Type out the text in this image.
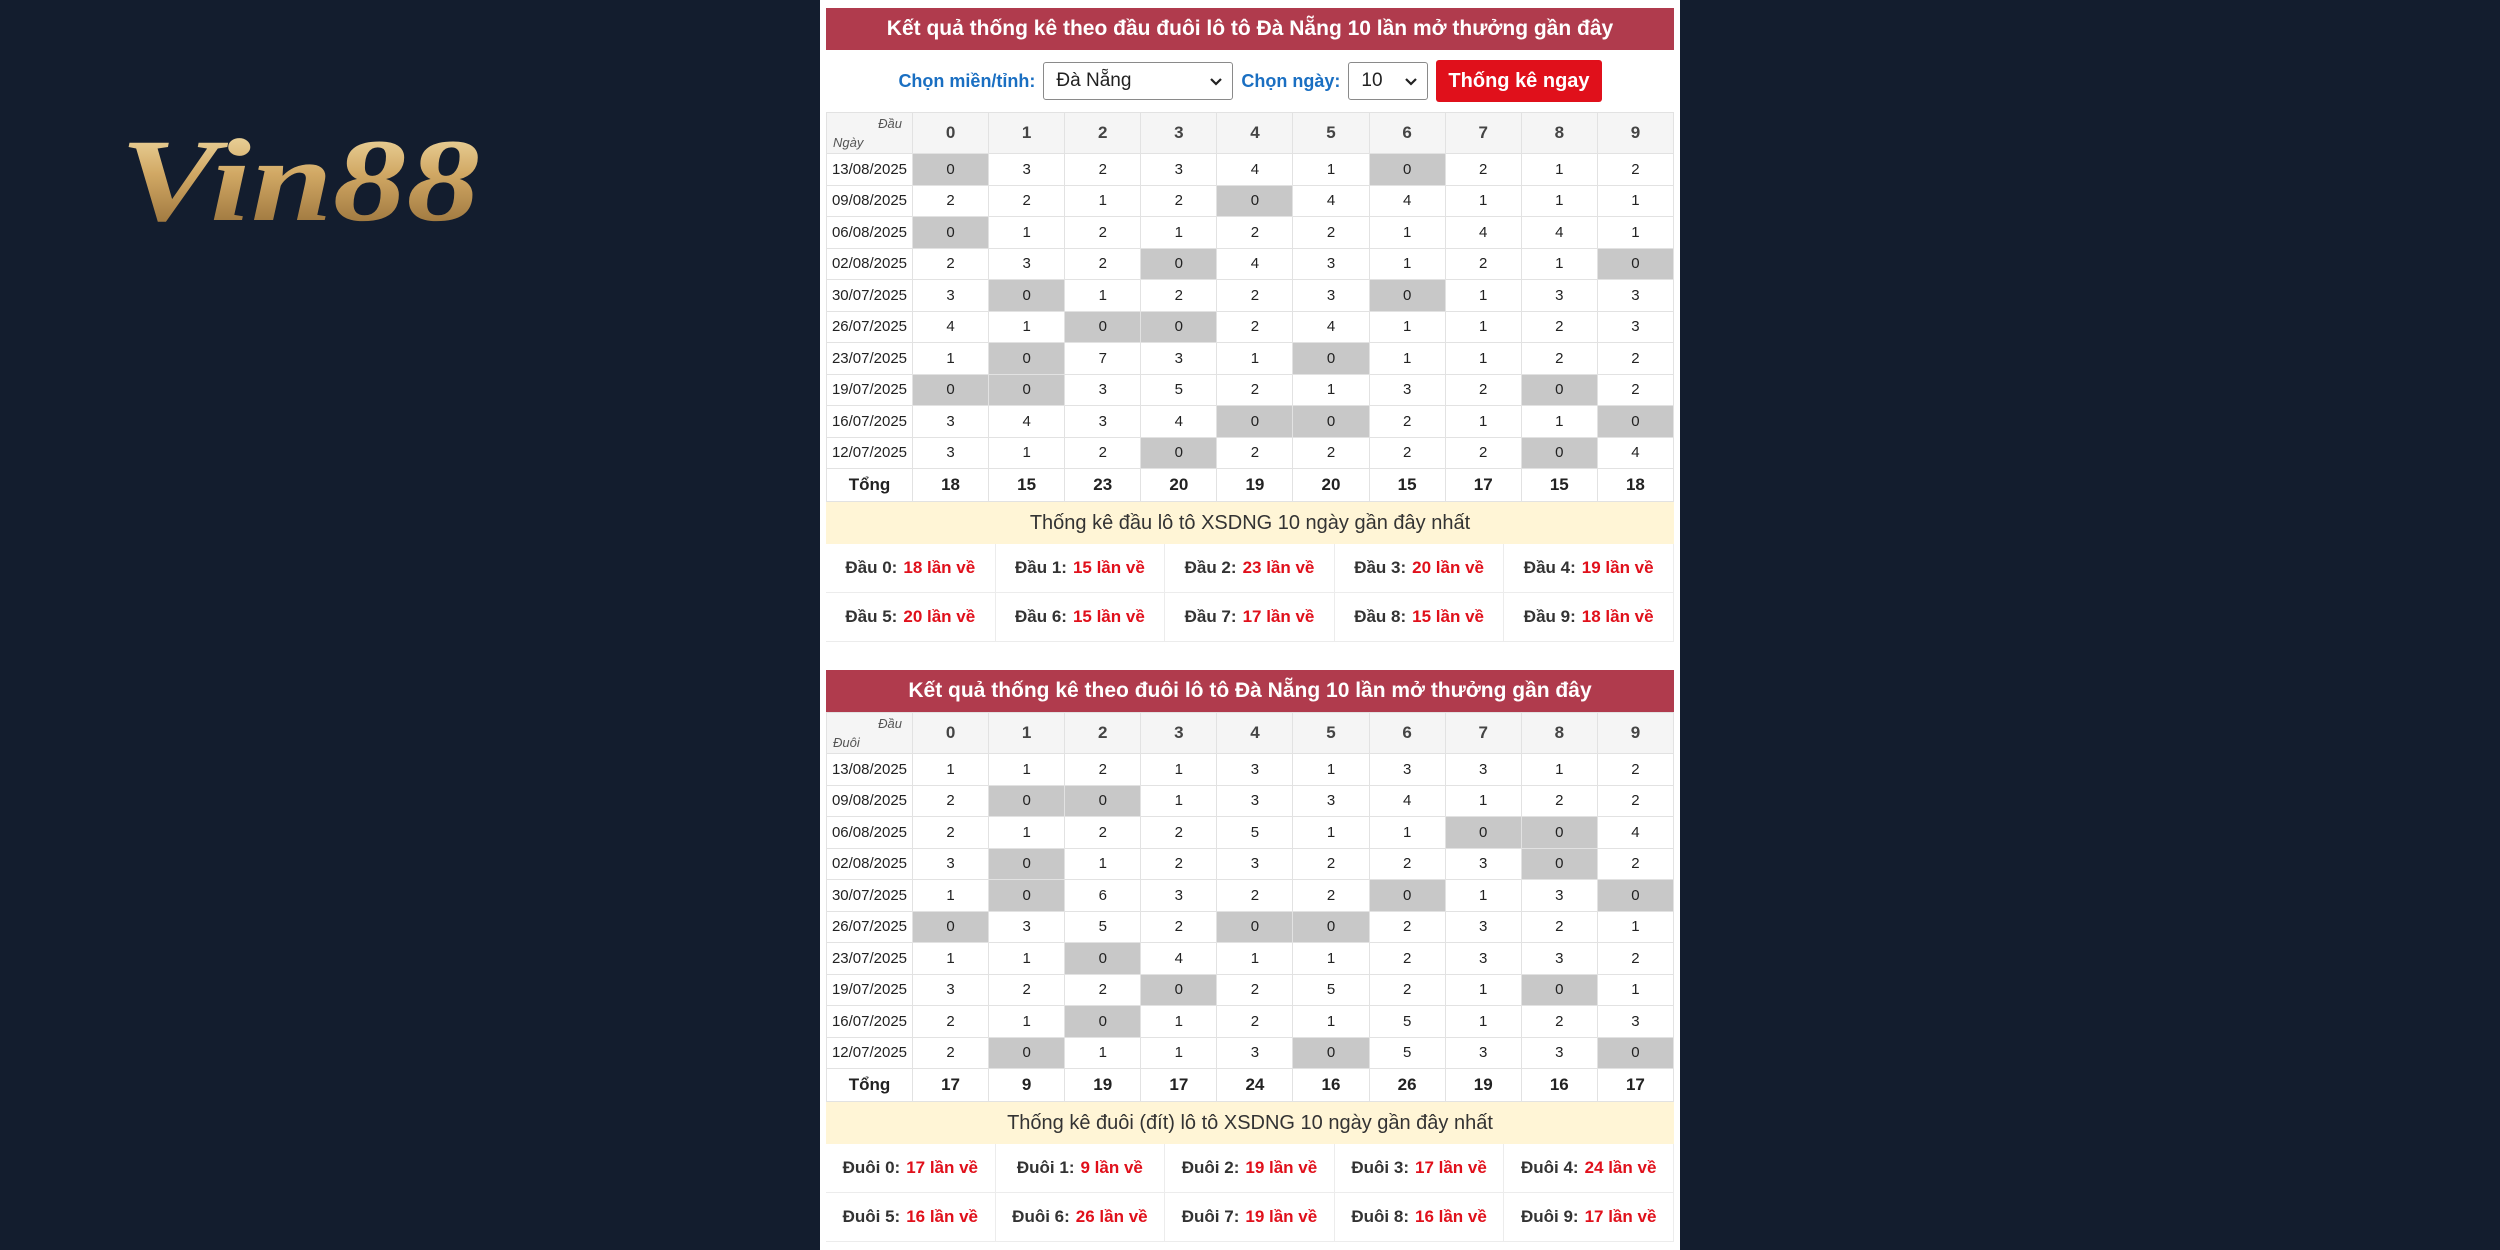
Vin88
Kết quả thống kê theo đầu đuôi lô tô Đà Nẵng 10 lần mở thưởng gần đây
Chọn miền/tỉnh: Đà Nẵng	Chọn ngày: 10	Thống kê ngay
Đầu
Ngày	0	1	2	3	4	5	6	7	8	9
13/08/2025	0	3	2	3	4	1	0	2	1	2
09/08/2025	2	2	1	2	0	4	4	1	1	1
06/08/2025	0	1	2	1	2	2	1	4	4	1
02/08/2025	2	3	2	0	4	3	1	2	1	0
30/07/2025	3	0	1	2	2	3	0	1	3	3
26/07/2025	4	1	0	0	2	4	1	1	2	3
23/07/2025	1	0	7	3	1	0	1	1	2	2
19/07/2025	0	0	3	5	2	1	3	2	0	2
16/07/2025	3	4	3	4	0	0	2	1	1	0
12/07/2025	3	1	2	0	2	2	2	2	0	4
Tổng	18	15	23	20	19	20	15	17	15	18
Thống kê đầu lô tô XSDNG 10 ngày gần đây nhất
Đầu 0: 18 lần về Đầu 1: 15 lần về Đầu 2: 23 lần về Đầu 3: 20 lần về Đầu 4: 19 lần về
Đầu 5: 20 lần về Đầu 6: 15 lần về Đầu 7: 17 lần về Đầu 8: 15 lần về Đầu 9: 18 lần về
Kết quả thống kê theo đuôi lô tô Đà Nẵng 10 lần mở thưởng gần đây
Đầu
Đuôi	0	1	2	3	4	5	6	7	8	9
13/08/2025	1	1	2	1	3	1	3	3	1	2
09/08/2025	2	0	0	1	3	3	4	1	2	2
06/08/2025	2	1	2	2	5	1	1	0	0	4
02/08/2025	3	0	1	2	3	2	2	3	0	2
30/07/2025	1	0	6	3	2	2	0	1	3	0
26/07/2025	0	3	5	2	0	0	2	3	2	1
23/07/2025	1	1	0	4	1	1	2	3	3	2
19/07/2025	3	2	2	0	2	5	2	1	0	1
16/07/2025	2	1	0	1	2	1	5	1	2	3
12/07/2025	2	0	1	1	3	0	5	3	3	0
Tổng	17	9	19	17	24	16	26	19	16	17
Thống kê đuôi (đít) lô tô XSDNG 10 ngày gần đây nhất
Đuôi 0: 17 lần về Đuôi 1: 9 lần về Đuôi 2: 19 lần về Đuôi 3: 17 lần về Đuôi 4: 24 lần về
Đuôi 5: 16 lần về Đuôi 6: 26 lần về Đuôi 7: 19 lần về Đuôi 8: 16 lần về Đuôi 9: 17 lần về
